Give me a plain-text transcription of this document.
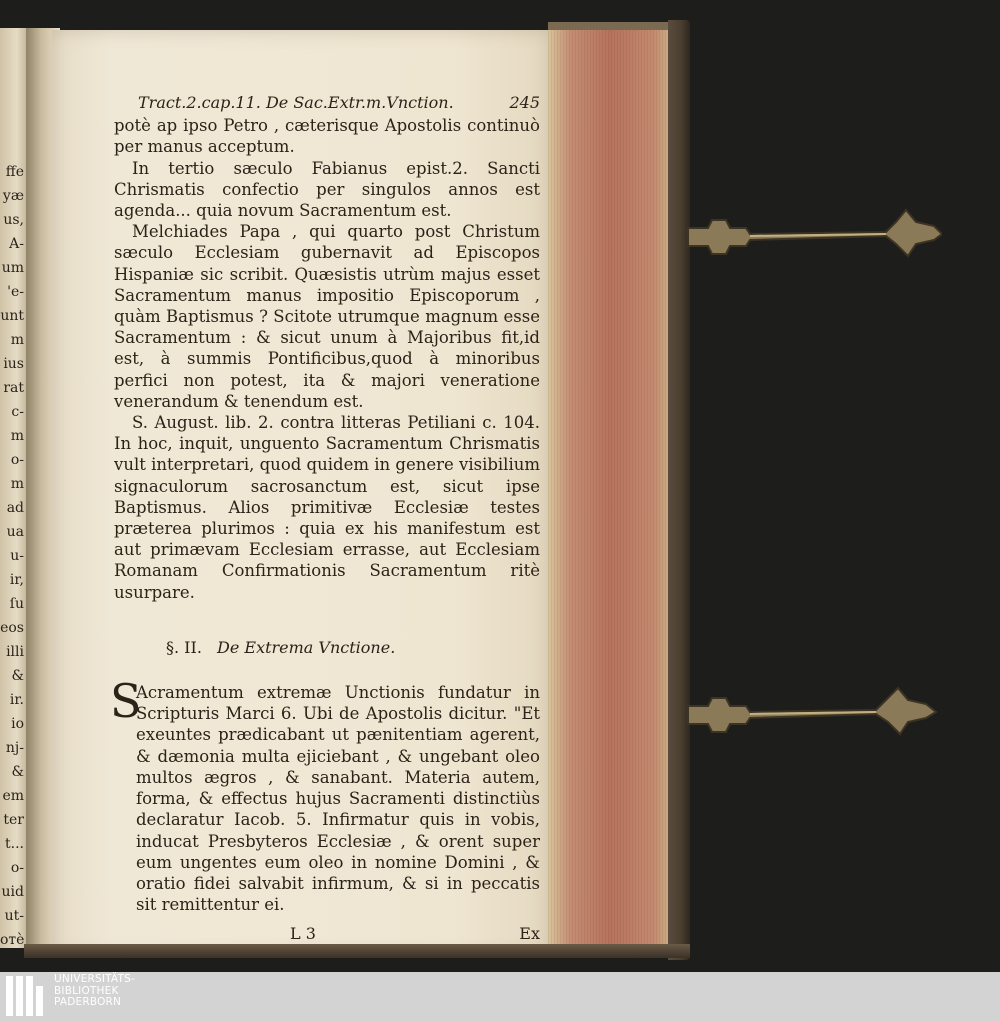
ffe
yæ
us,
A-
um
'e-
unt
m
ius
rat
c-
m
o-
m
ad
ua
u-
ir,
ſu
eos
illi
&
ir.
io
nj-
&
em
ter
t...
o-
uid
ut-
oтè
Tract.2.cap.11. De Sac.Extr.m.Vnction.	245

potè ap ipso Petro , cæterisque Apostolis continuò per manus acceptum.

In tertio sæculo Fabianus epist.2. Sancti Chrismatis confectio per singulos annos est agenda... quia novum Sacramentum est.

Melchiades Papa , qui quarto post Christum sæculo Ecclesiam gubernavit ad Episcopos Hispaniæ sic scribit. Quæsistis utrùm majus esset Sacramentum manus impositio Episcoporum , quàm Baptismus ? Scitote utrumque magnum esse Sacramentum : & sicut unum à Majoribus fit,id est, à summis Pontificibus,quod à minoribus perfici non potest, ita & majori veneratione venerandum & tenendum est.

S. August. lib. 2. contra litteras Petiliani c. 104. In hoc, inquit, unguento Sacramentum Chrismatis vult interpretari, quod quidem in genere visibilium signaculorum sacrosanctum est, sicut ipse Baptismus. Alios primitivæ Ecclesiæ testes prætereа plurimos : quia ex his manifestum est aut primævam Ecclesiam errasse, aut Ecclesiam Romanam Confirmationis Sacramentum ritè usurpare.

§. II. De Extrema Vnctione.

S
Acramentum extremæ Unctionis fundatur in Scripturis Marci 6. Ubi de Apostolis dicitur. "Et exeuntes prædicabant ut pænitentiam agerent, & dæmonia multa ejiciebant , & ungebant oleo multos ægros , & sanabant. Materia autem, forma, & effectus hujus Sacramenti distinctiùs declaratur Iacob. 5. Infirmatur quis in vobis, inducat Presbyteros Ecclesiæ , & orent super eum ungentes eum oleo in nomine Domini , & oratio fidei salvabit infirmum, & si in peccatis sit remittentur ei.

L 3	Ex
UNIVERSITÄTS-
BIBLIOTHEK
PADERBORN
